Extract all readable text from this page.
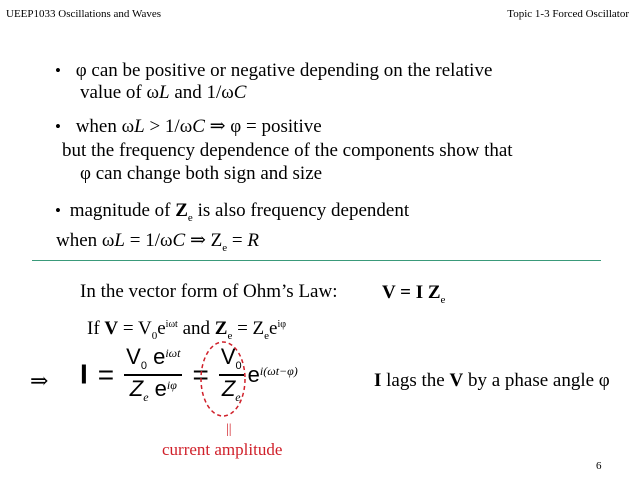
UEEP1033 Oscillations and Waves	Topic 1-3 Forced Oscillator
• φ can be positive or negative depending on the relative
value of ωL and 1/ωC
• when ωL > 1/ωC ⇒ φ = positive
but the frequency dependence of the components show that
φ can change both sign and size
• magnitude of $Z_e$ is also frequency dependent
when ωL = 1/ωC ⇒ $Z_e = R$
In the vector form of Ohm’s Law: V = I $Z_e$
If $V = V_0e^{i\omega t}$ and $Z_e = Z_ee^{i\varphi}$
⇒ $I = \frac{V_0 e^{i\omega t}}{Z_e e^{i\varphi}} = \frac{V_0}{Z_e} e^{i(\omega t-\varphi)}$	I lags the V by a phase angle φ
||
current amplitude
6
